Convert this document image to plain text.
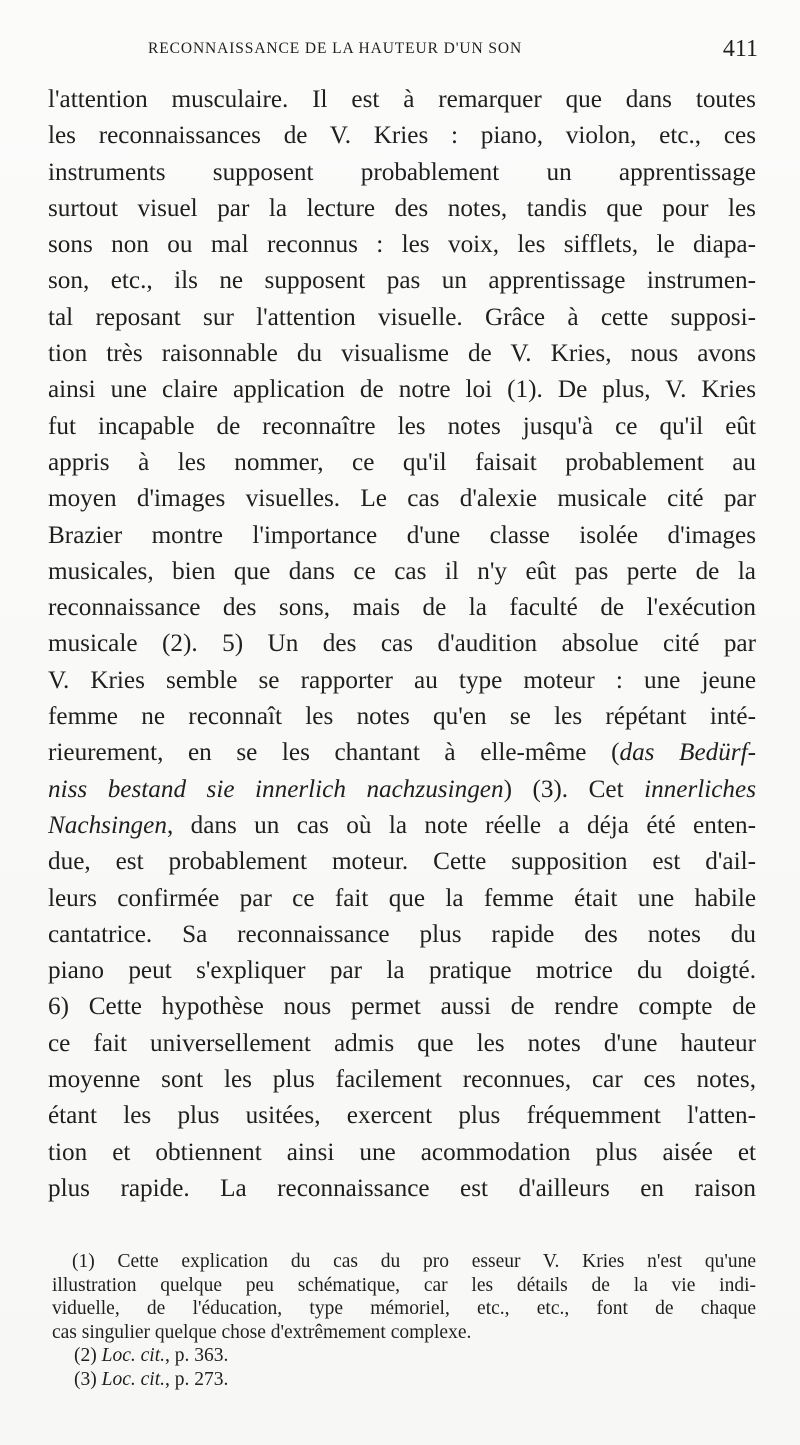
RECONNAISSANCE DE LA HAUTEUR D'UN SON	411
l'attention musculaire. Il est à remarquer que dans toutes
les reconnaissances de V. Kries : piano, violon, etc., ces
instruments supposent probablement un apprentissage
surtout visuel par la lecture des notes, tandis que pour les
sons non ou mal reconnus : les voix, les sifflets, le diapa-
son, etc., ils ne supposent pas un apprentissage instrumen-
tal reposant sur l'attention visuelle. Grâce à cette supposi-
tion très raisonnable du visualisme de V. Kries, nous avons
ainsi une claire application de notre loi (1). De plus, V. Kries
fut incapable de reconnaître les notes jusqu'à ce qu'il eût
appris à les nommer, ce qu'il faisait probablement au
moyen d'images visuelles. Le cas d'alexie musicale cité par
Brazier montre l'importance d'une classe isolée d'images
musicales, bien que dans ce cas il n'y eût pas perte de la
reconnaissance des sons, mais de la faculté de l'exécution
musicale (2). 5) Un des cas d'audition absolue cité par
V. Kries semble se rapporter au type moteur : une jeune
femme ne reconnaît les notes qu'en se les répétant inté-
rieurement, en se les chantant à elle-même (das Bedürf-
niss bestand sie innerlich nachzusingen) (3). Cet innerliches
Nachsingen, dans un cas où la note réelle a déja été enten-
due, est probablement moteur. Cette supposition est d'ail-
leurs confirmée par ce fait que la femme était une habile
cantatrice. Sa reconnaissance plus rapide des notes du
piano peut s'expliquer par la pratique motrice du doigté.
6) Cette hypothèse nous permet aussi de rendre compte de
ce fait universellement admis que les notes d'une hauteur
moyenne sont les plus facilement reconnues, car ces notes,
étant les plus usitées, exercent plus fréquemment l'atten-
tion et obtiennent ainsi une acommodation plus aisée et
plus rapide. La reconnaissance est d'ailleurs en raison
(1) Cette explication du cas du pro esseur V. Kries n'est qu'une
illustration quelque peu schématique, car les détails de la vie indi-
viduelle, de l'éducation, type mémoriel, etc., etc., font de chaque
cas singulier quelque chose d'extrêmement complexe.
(2) Loc. cit., p. 363.
(3) Loc. cit., p. 273.
